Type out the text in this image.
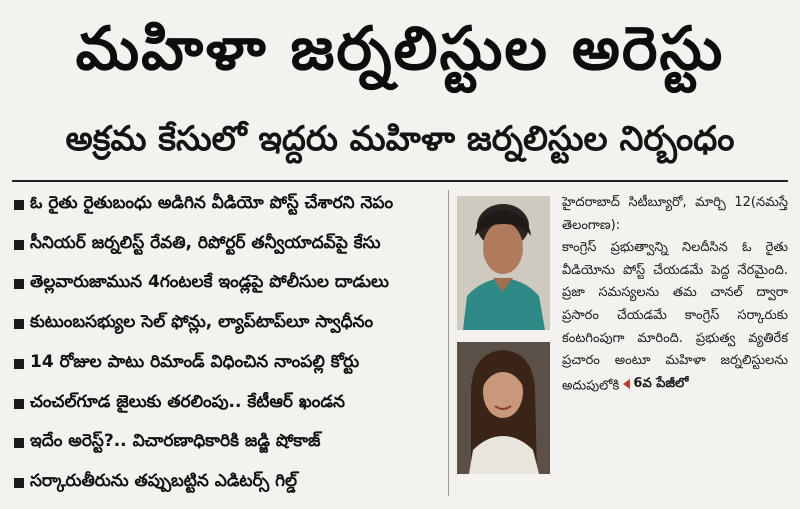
మహిళా జర్నలిస్టుల అరెస్టు
అక్రమ కేసులో ఇద్దరు మహిళా జర్నలిస్టుల నిర్బంధం
ఓ రైతు రైతుబంధు అడిగిన వీడియో పోస్ట్ చేశారని నెపం
సీనియర్ జర్నలిస్ట్ రేవతి, రిపోర్టర్ తన్వీయాదవ్‌పై కేసు
తెల్లవారుజామున 4గంటలకే ఇండ్లపై పోలీసుల దాడులు
కుటుంబసభ్యుల సెల్ ఫోన్లు, ల్యాప్‌టాప్‌లూ స్వాధీనం
14 రోజుల పాటు రిమాండ్ విధించిన నాంపల్లి కోర్టు
చంచల్‌గూడ జైలుకు తరలింపు.. కేటీఆర్ ఖండన
ఇదేం అరెస్ట్?.. విచారణాధికారికి జడ్జి షోకాజ్
సర్కారుతీరును తప్పుబట్టిన ఎడిటర్స్ గిల్డ్
హైదరాబాద్ సిటీబ్యూరో, మార్చి 12(నమస్తే తెలంగాణ):
కాంగ్రెస్ ప్రభుత్వాన్ని నిలదీసిన ఓ రైతు వీడియోను పోస్ట్ చేయడమే పెద్ద నేరమైంది. ప్రజా సమస్యలను తమ చానల్ ద్వారా ప్రసారం చేయడమే కాంగ్రెస్ సర్కారుకు కంటగింపుగా మారింది. ప్రభుత్వ వ్యతిరేక ప్రచారం అంటూ మహిళా జర్నలిస్టులను అదుపులోకి 6వ పేజీలో
